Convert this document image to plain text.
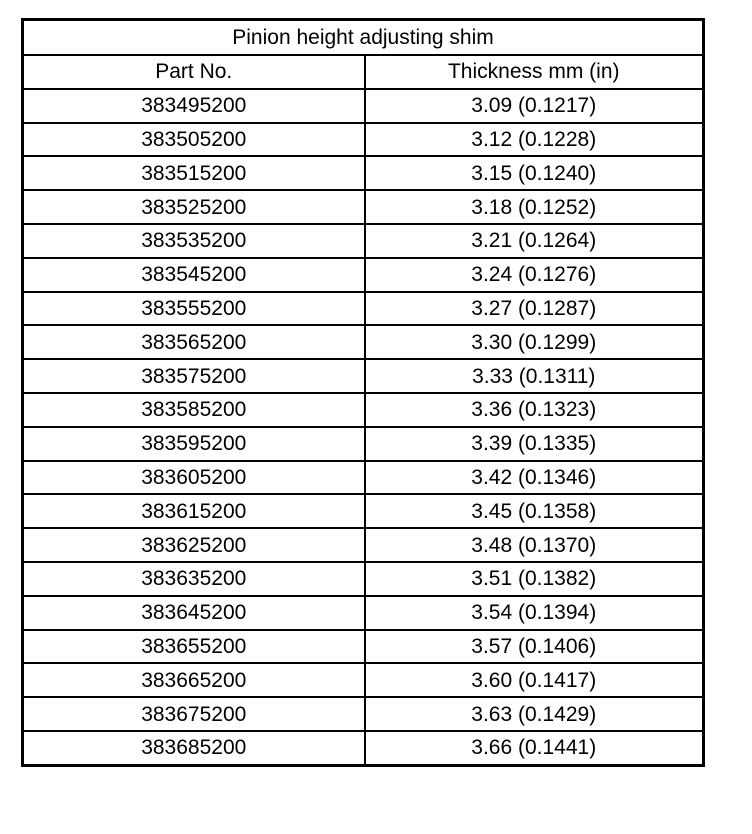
Pinion height adjusting shim	
Part No.	Thickness mm (in)
383495200	3.09 (0.1217)
383505200	3.12 (0.1228)
383515200	3.15 (0.1240)
383525200	3.18 (0.1252)
383535200	3.21 (0.1264)
383545200	3.24 (0.1276)
383555200	3.27 (0.1287)
383565200	3.30 (0.1299)
383575200	3.33 (0.1311)
383585200	3.36 (0.1323)
383595200	3.39 (0.1335)
383605200	3.42 (0.1346)
383615200	3.45 (0.1358)
383625200	3.48 (0.1370)
383635200	3.51 (0.1382)
383645200	3.54 (0.1394)
383655200	3.57 (0.1406)
383665200	3.60 (0.1417)
383675200	3.63 (0.1429)
383685200	3.66 (0.1441)
